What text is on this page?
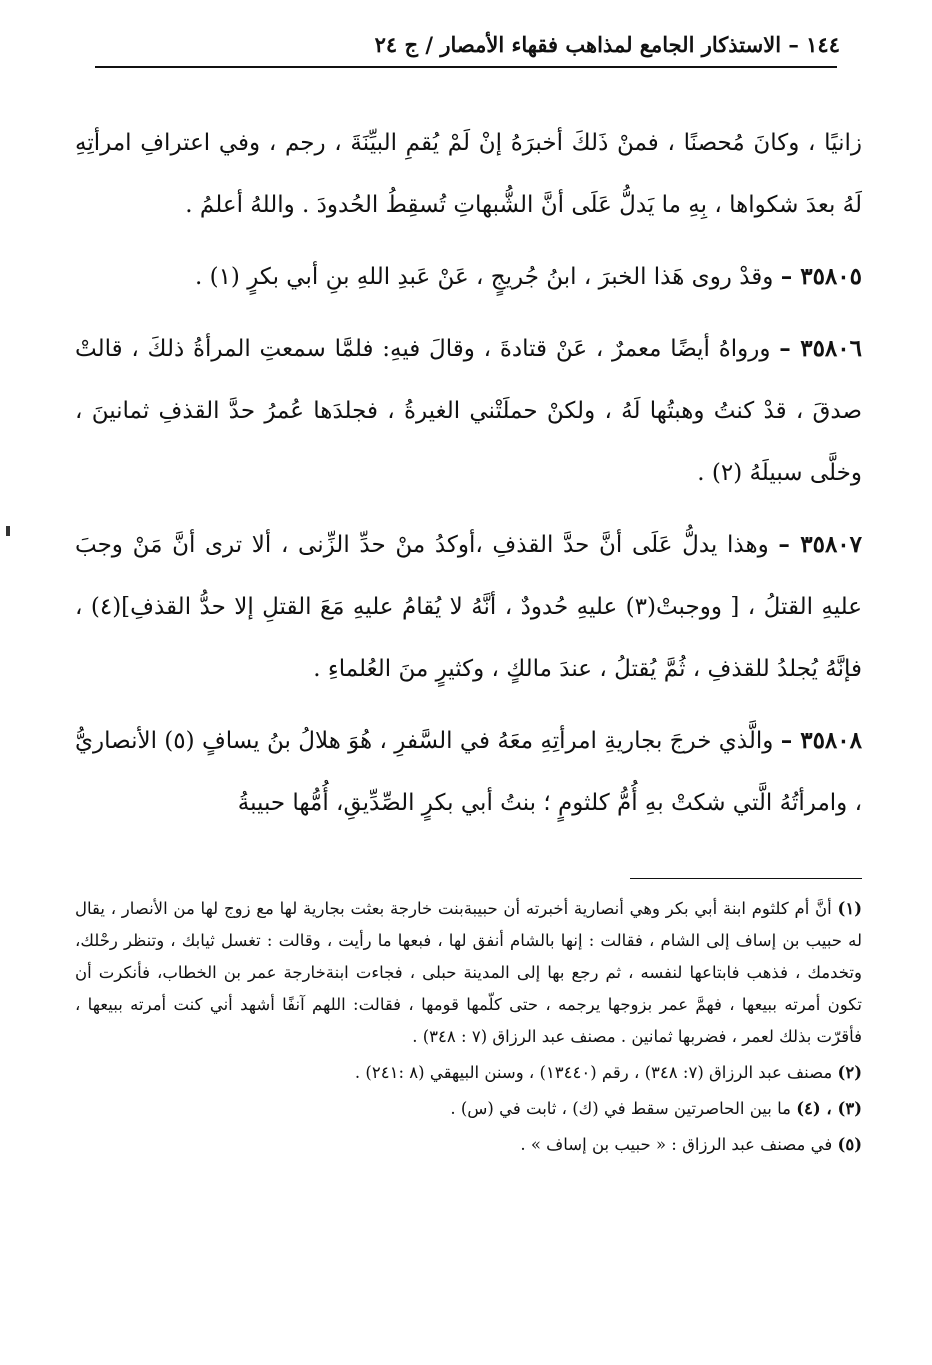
١٤٤ – الاستذكار الجامع لمذاهب فقهاء الأمصار / ج ٢٤

زانيًا ، وكانَ مُحصنًا ، فمنْ ذَلكَ أخبرَهُ إنْ لَمْ يُقمِ البيِّنَةَ ، رجم ، وفي اعترافِ امرأتِهِ لَهُ بعدَ شكواها ، بِهِ ما يَدلُّ عَلَى أنَّ الشُّبهاتِ تُسقِطُ الحُدودَ . واللهُ أعلمُ .

٣٥٨٠٥ – وقدْ روى هَذا الخبرَ ، ابنُ جُريجٍ ، عَنْ عَبدِ اللهِ بنِ أبي بكرٍ (١) .

٣٥٨٠٦ – ورواهُ أيضًا معمرٌ ، عَنْ قتادةَ ، وقالَ فيهِ: فلمَّا سمعتِ المرأةُ ذلكَ ، قالتْ صدقَ ، قدْ كنتُ وهبتُها لَهُ ، ولكنْ حملَتْني الغيرةُ ، فجلدَها عُمرُ حدَّ القذفِ ثمانينَ ، وخلَّى سبيلَهُ (٢) .

٣٥٨٠٧ – وهذا يدلُّ عَلَى أنَّ حدَّ القذفِ ،أوكدُ منْ حدِّ الزِّنى ، ألا ترى أنَّ مَنْ وجبَ عليهِ القتلُ ، [ ووجبتْ(٣) عليهِ حُدودٌ ، أنَّهُ لا يُقامُ عليهِ مَعَ القتلِ إلا حدُّ القذفِ](٤) ، فإنَّهُ يُجلدُ للقذفِ ، ثُمَّ يُقتلُ ، عندَ مالكٍ ، وكثيرٍ منَ العُلماءِ .

٣٥٨٠٨ – والَّذي خرجَ بجاريةِ امرأتِهِ معَهُ في السَّفرِ ، هُوَ هلالُ بنُ يسافٍ (٥) الأنصاريُّ ، وامرأتُهُ الَّتي شكتْ بهِ أُمُّ كلثومٍ ؛ بنتُ أبي بكرٍ الصِّدِّيقِ، أُمُّها حبيبةُ

(١) أنَّ أم كلثوم ابنة أبي بكر وهي أنصارية أخبرته أن حبيبةبنت خارجة بعثت بجارية لها مع زوج لها من الأنصار ، يقال له حبيب بن إساف إلى الشام ، فقالت : إنها بالشام أنفق لها ، فبعها ما رأيت ، وقالت : تغسل ثيابك ، وتنظر رحْلك، وتخدمك ، فذهب فابتاعها لنفسه ، ثم رجع بها إلى المدينة حبلى ، فجاءت ابنةخارجة عمر بن الخطاب، فأنكرت أن تكون أمرته ببيعها ، فهمَّ عمر بزوجها يرجمه ، حتى كلّمها قومها ، فقالت: اللهم آنفًا أشهد أني كنت أمرته ببيعها ، فأقرّت بذلك لعمر ، فضربها ثمانين . مصنف عبد الرزاق (٧ : ٣٤٨) .

(٢) مصنف عبد الرزاق (٧: ٣٤٨) ، رقم (١٣٤٤٠) ، وسنن البيهقي (٨ :٢٤١) .

(٣) ، (٤) ما بين الحاصرتين سقط في (ك) ، ثابت في (س) .

(٥) في مصنف عبد الرزاق : « حبيب بن إساف » .
